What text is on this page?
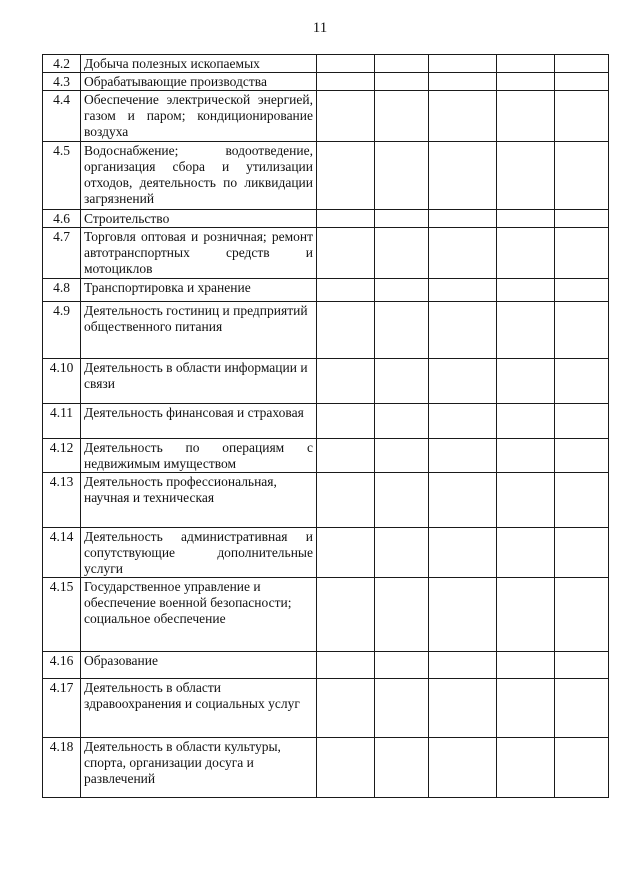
11
4.2	Добыча полезных ископаемых					
4.3	Обрабатывающие производства					
4.4	Обеспечение электрической энергией, газом и паром; кондиционирование воздуха					
4.5	Водоснабжение; водоотведение, организация сбора и утилизации отходов, деятельность по ликвидации загрязнений					
4.6	Строительство					
4.7	Торговля оптовая и розничная; ремонт автотранспортных средств и мотоциклов					
4.8	Транспортировка и хранение					
4.9	Деятельность гостиниц и предприятий общественного питания					
4.10	Деятельность в области информации и связи					
4.11	Деятельность финансовая и страховая					
4.12	Деятельность по операциям с недвижимым имуществом					
4.13	Деятельность профессиональная, научная и техническая					
4.14	Деятельность административная и сопутствующие дополнительные услуги					
4.15	Государственное управление и обеспечение военной безопасности; социальное обеспечение					
4.16	Образование					
4.17	Деятельность в области здравоохранения и социальных услуг					
4.18	Деятельность в области культуры, спорта, организации досуга и развлечений					
